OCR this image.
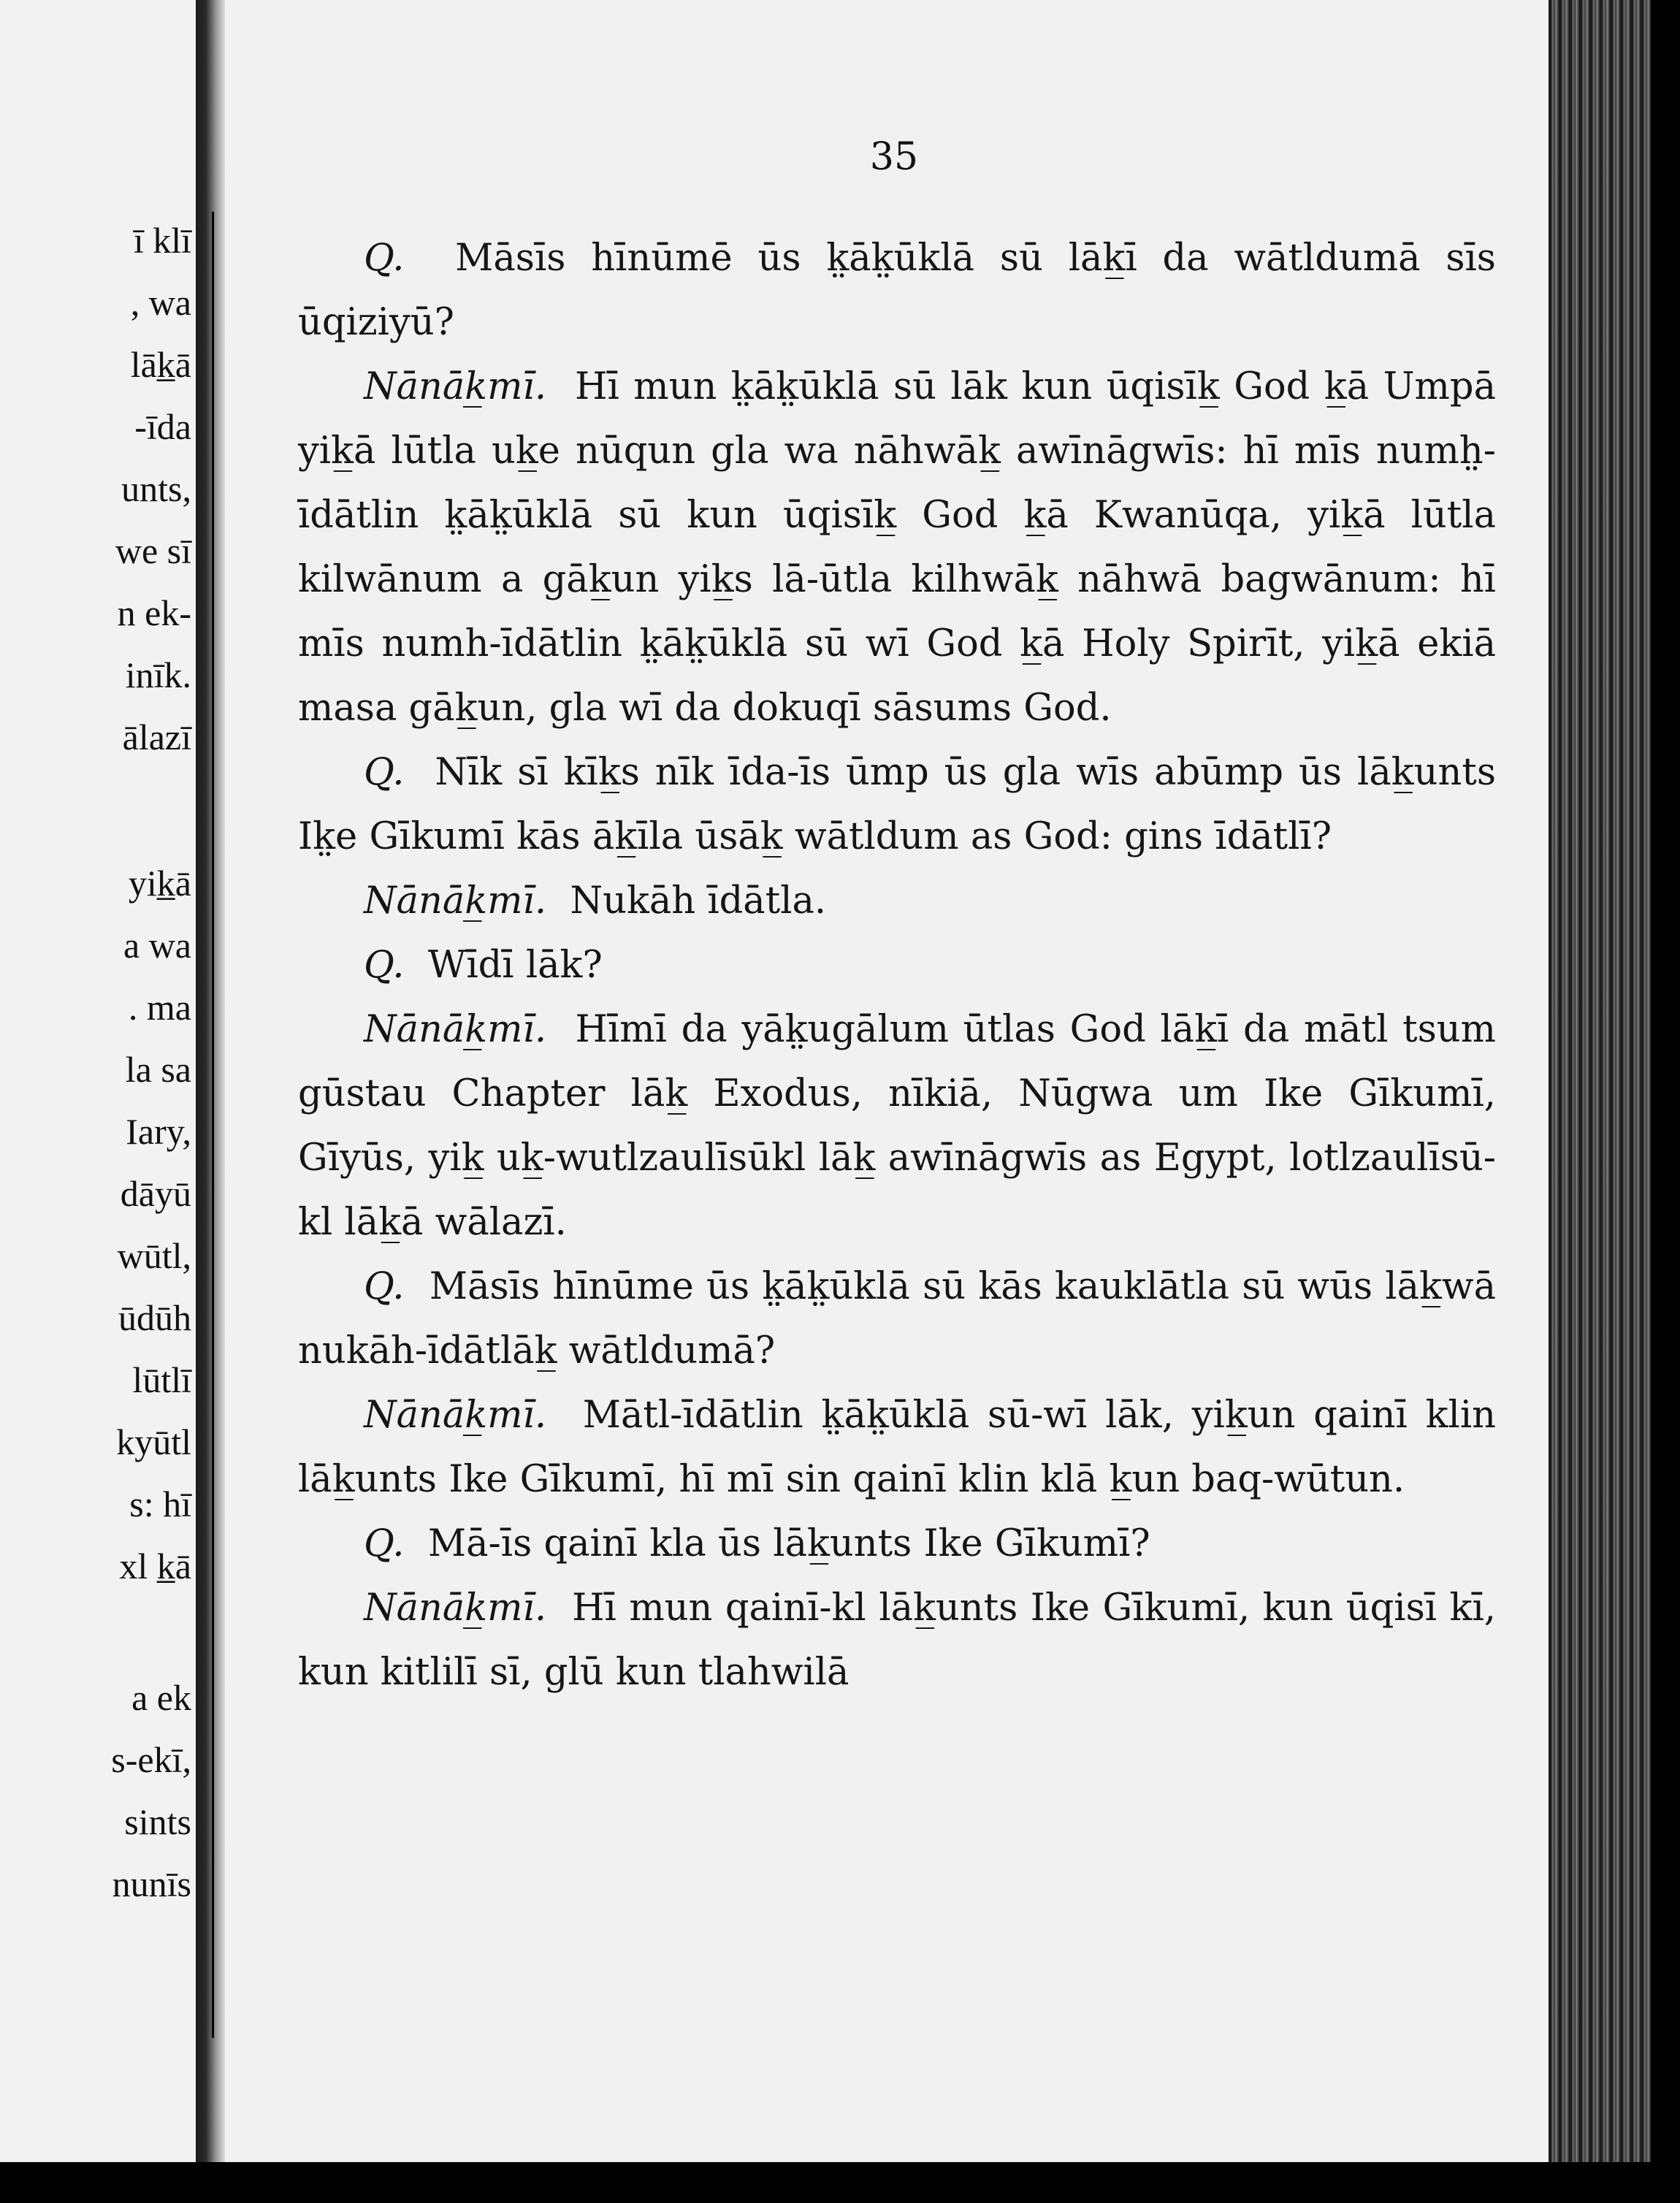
ī klī
, wa
lāk̲ā
-īda
unts,
we sī
n ek-
inīk.
ālazī
yik̲ā
a wa
. ma
la sa
Iary,
dāyū
wūtl,
ūdūh
lūtlī
kyūtl
s: hī
xl k̲ā
a ek
s-ekī,
sints
nunīs
35

Q. Māsīs hīnūmē ūs k̤āk̤ūklā sū lāk̲ī da wātldumā sīs ūqiziyū?

Nānāk̲mī. Hī mun k̤āk̤ūklā sū lāk kun ūqisīk̲ God k̲ā Umpā yik̲ā lūtla uk̲e nūqun gla wa nāhwāk̲ awīnāgwīs: hī mīs numh̤-īdātlin k̤āk̤ūklā sū kun ūqisīk̲ God k̲ā Kwanūqa, yik̲ā lūtla kilwānum a gāk̲un yik̲s lā-ūtla kilhwāk̲ nāhwā bagwānum: hī mīs numh-īdātlin k̤āk̤ūklā sū wī God k̲ā Holy Spirīt, yik̲ā ekiā masa gāk̲un, gla wī da dokuqī sāsums God.

Q. Nīk sī kīk̲s nīk īda-īs ūmp ūs gla wīs abūmp ūs lāk̲unts Ik̤e Gīkumī kās āk̲īla ūsāk̲ wātldum as God: gins īdātlī?

Nānāk̲mī. Nukāh īdātla.

Q. Wīdī lāk?

Nānāk̲mī. Hīmī da yāk̤ugālum ūtlas God lāk̲ī da mātl tsum gūstau Chapter lāk̲ Exodus, nīkiā, Nūgwa um Ike Gīkumī, Gīyūs, yik̲ uk̲-wutlzaulīsūkl lāk̲ awīnāgwīs as Egypt, lotlzaulīsū-kl lāk̲ā wālazī.

Q. Māsīs hīnūme ūs k̤āk̤ūklā sū kās kauklātla sū wūs lāk̲wā nukāh-īdātlāk̲ wātldumā?

Nānāk̲mī. Mātl-īdātlin k̤āk̤ūklā sū-wī lāk, yik̲un qainī klin lāk̲unts Ike Gīkumī, hī mī sin qainī klin klā k̲un baq-wūtun.

Q. Mā-īs qainī kla ūs lāk̲unts Ike Gīkumī?

Nānāk̲mī. Hī mun qainī-kl lāk̲unts Ike Gīkumī, kun ūqisī kī, kun kitlilī sī, glū kun tlahwilā
